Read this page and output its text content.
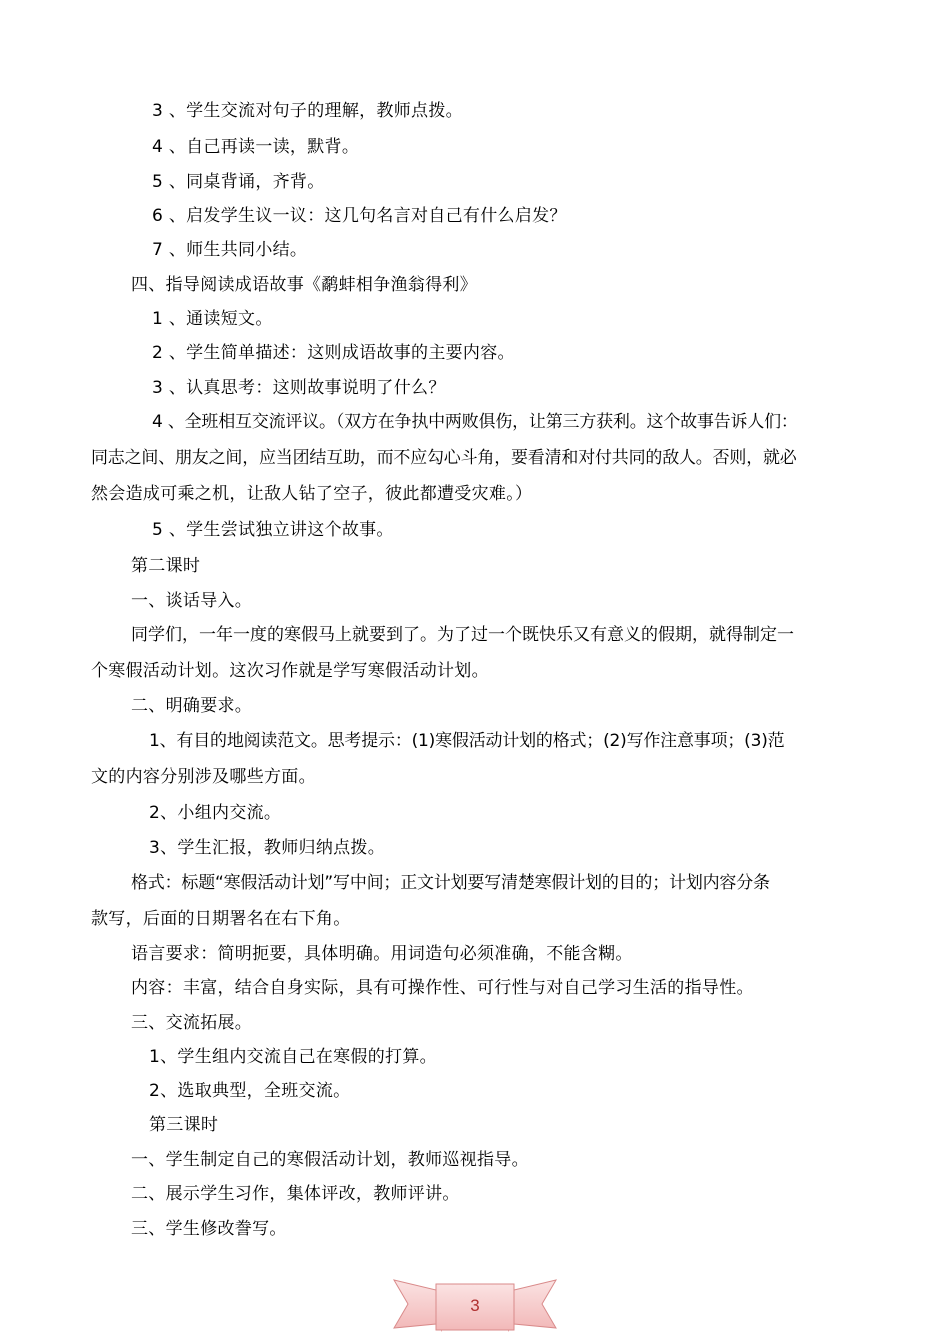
3 、学生交流对句子的理解，教师点拨。
4 、自己再读一读，默背。
5 、同桌背诵，齐背。
6 、启发学生议一议：这几句名言对自己有什么启发？
7 、师生共同小结。
四、指导阅读成语故事《鹬蚌相争渔翁得利》
1 、通读短文。
2 、学生简单描述：这则成语故事的主要内容。
3 、认真思考：这则故事说明了什么？
4 、全班相互交流评议。（双方在争执中两败俱伤，让第三方获利。这个故事告诉人们：
同志之间、朋友之间，应当团结互助，而不应勾心斗角，要看清和对付共同的敌人。否则，就必
然会造成可乘之机，让敌人钻了空子，彼此都遭受灾难。）
5 、学生尝试独立讲这个故事。
第二课时
一、谈话导入。
同学们，一年一度的寒假马上就要到了。为了过一个既快乐又有意义的假期，就得制定一
个寒假活动计划。这次习作就是学写寒假活动计划。
二、明确要求。
1、有目的地阅读范文。思考提示：(1)寒假活动计划的格式；(2)写作注意事项；(3)范
文的内容分别涉及哪些方面。
2、小组内交流。
3、学生汇报，教师归纳点拨。
格式：标题“寒假活动计划”写中间；正文计划要写清楚寒假计划的目的；计划内容分条
款写，后面的日期署名在右下角。
语言要求：简明扼要，具体明确。用词造句必须准确，不能含糊。
内容：丰富，结合自身实际，具有可操作性、可行性与对自己学习生活的指导性。
三、交流拓展。
1、学生组内交流自己在寒假的打算。
2、选取典型，全班交流。
第三课时
一、学生制定自己的寒假活动计划，教师巡视指导。
二、展示学生习作，集体评改，教师评讲。
三、学生修改誊写。
3
